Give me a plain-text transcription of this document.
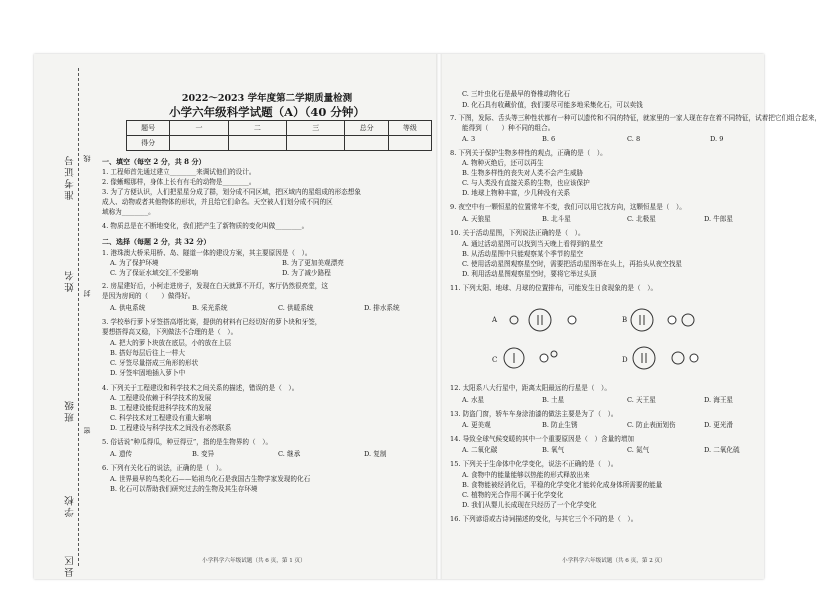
准考证号
姓名
班级
学校
县区
线
封
密
2022～2023 学年度第二学期质量检测
小学六年级科学试题（A）（40 分钟）
题号	一	二	三	总分	等级
得分					
一、填空（每空 2 分，共 8 分）
1. 工程师首先通过建立________来调试他们的设计。
2. 像蜥蜴那样，身体上长有有毛的动物是________。
3. 为了方便认识，人们把星星分成了群，划分成不同区域，把区域内的星组成的形态想象
成人、动物或者其他物体的形状，并且给它们命名。天空被人们划分成不同的区
域称为________。
4. 物质总是在不断地变化，我们把产生了新物质的变化叫做________。
二、选择（每题 2 分，共 32 分）
1. 港珠澳大桥采用桥、岛、隧道一体的建设方案，其主要原因是（　）。
A. 为了保护环境	B. 为了更加美观漂亮
C. 为了保证水域交汇不受影响	D. 为了减少路程
2. 房屋建好后，小柯走进房子，发现在白天就算不开灯，客厅仍然很亮堂，这
是因为房间的（　　）做得好。
A. 供电系统	B. 采光系统	C. 供暖系统	D. 排水系统
3. 学校举行萝卜牙签搭高塔比赛，提供的材料有已经切好的萝卜块和牙签，
要想搭得高又稳，下列做法不合理的是（　）。
A. 把大的萝卜块放在底层，小的放在上层
B. 搭好每层后往上一样大
C. 牙签尽量搭成三角形的形状
D. 牙签牢固地插入萝卜中
4. 下列关于工程建设和科学技术之间关系的描述，错误的是（　）。
A. 工程建设依赖于科学技术的发展
B. 工程建设能促进科学技术的发展
C. 科学技术对工程建设有重大影响
D. 工程建设与科学技术之间没有必然联系
5. 俗话说“种瓜得瓜，种豆得豆”，指的是生物界的（　）。
A. 遗传	B. 变异	C. 继承	D. 复制
6. 下列有关化石的说法，正确的是（　）。
A. 世界最早的鸟类化石——始祖鸟化石是我国古生物学家发现的化石
B. 化石可以帮助我们研究过去的生物及其生存环境
小学科学六年级试题（共 6 页，第 1 页）
C. 三叶虫化石是最早的脊椎动物化石
D. 化石具有收藏价值，我们要尽可能多地采集化石，可以卖钱
7. 下图，发际、舌头等三种性状都有一种可以遗传和不同的特征，就家里的一家人现在存在着不同特征，试着把它们组合起来，
能得到（　　）种不同的组合。
A. 3	B. 6	C. 8	D. 9
8. 下列关于保护生物多样性的观点，正确的是（　）。
A. 物种灭绝后，还可以再生
B. 生物多样性的丧失对人类不会产生威胁
C. 与人类没有直接关系的生物，也应该保护
D. 地球上物种丰富，少几种没有关系
9. 夜空中有一颗恒星的位置常年不变，我们可以用它找方向，这颗恒星是（　）。
A. 天狼星	B. 北斗星	C. 北极星	D. 牛郎星
10. 关于活动星图，下列说法正确的是（　）。
A. 通过活动星图可以找到当天晚上看得到的星空
B. 从活动星图中只能观察某个季节的星空
C. 使用活动星图观察星空时，需要把活动星图举在头上，再抬头从夜空找星
D. 利用活动星图观察星空时，要将它举过头顶
11. 下列太阳、地球、月球的位置排布，可能发生日食现象的是（　）。
A	B
C	D
12. 太阳系八大行星中，距离太阳最远的行星是（　）。
A. 水星	B. 土星	C. 天王星	D. 海王星
13. 防盗门窗，轿车车身涂油漆的做法主要是为了（　）。
A. 更美观	B. 防止生锈	C. 防止表面划伤	D. 更光滑
14. 导致全球气候变暖的其中一个重要原因是（　）含量的增加
A. 二氧化碳	B. 氧气	C. 氮气	D. 二氧化硫
15. 下列关于生命体中化学变化，说法不正确的是（　）。
A. 食物中的能量能够以热能的形式释放出来
B. 食物能被经消化后，平稳的化学变化才能转化成身体所需要的能量
C. 植物的光合作用不属于化学变化
D. 我们从婴儿长成现在只经历了一个化学变化
16. 下列谚语或古诗词描述的变化，与其它三个不同的是（　）。
小学科学六年级试题（共 6 页，第 2 页）
